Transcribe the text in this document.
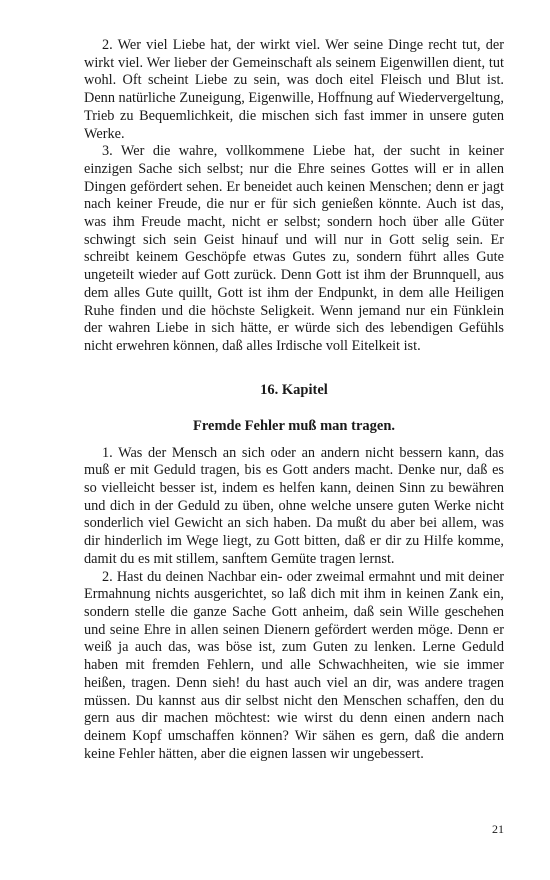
2. Wer viel Liebe hat, der wirkt viel. Wer seine Dinge recht tut, der wirkt viel. Wer lieber der Gemeinschaft als seinem Eigenwillen dient, tut wohl. Oft scheint Liebe zu sein, was doch eitel Fleisch und Blut ist. Denn natürliche Zuneigung, Eigenwille, Hoffnung auf Wiedervergeltung, Trieb zu Bequemlichkeit, die mischen sich fast immer in unsere guten Werke.

3. Wer die wahre, vollkommene Liebe hat, der sucht in keiner einzigen Sache sich selbst; nur die Ehre seines Gottes will er in allen Dingen gefördert sehen. Er beneidet auch keinen Menschen; denn er jagt nach keiner Freude, die nur er für sich genießen könnte. Auch ist das, was ihm Freude macht, nicht er selbst; sondern hoch über alle Güter schwingt sich sein Geist hinauf und will nur in Gott selig sein. Er schreibt keinem Geschöpfe etwas Gutes zu, sondern führt alles Gute ungeteilt wieder auf Gott zurück. Denn Gott ist ihm der Brunnquell, aus dem alles Gute quillt, Gott ist ihm der Endpunkt, in dem alle Heiligen Ruhe finden und die höchste Seligkeit. Wenn jemand nur ein Fünklein der wahren Liebe in sich hätte, er würde sich des lebendigen Gefühls nicht erwehren können, daß alles Irdische voll Eitelkeit ist.

16. Kapitel
Fremde Fehler muß man tragen.

1. Was der Mensch an sich oder an andern nicht bessern kann, das muß er mit Geduld tragen, bis es Gott anders macht. Denke nur, daß es so vielleicht besser ist, indem es helfen kann, deinen Sinn zu bewähren und dich in der Geduld zu üben, ohne welche unsere guten Werke nicht sonderlich viel Gewicht an sich haben. Da mußt du aber bei allem, was dir hinderlich im Wege liegt, zu Gott bitten, daß er dir zu Hilfe komme, damit du es mit stillem, sanftem Gemüte tragen lernst.

2. Hast du deinen Nachbar ein- oder zweimal ermahnt und mit deiner Ermahnung nichts ausgerichtet, so laß dich mit ihm in keinen Zank ein, sondern stelle die ganze Sache Gott anheim, daß sein Wille geschehen und seine Ehre in allen seinen Dienern gefördert werden möge. Denn er weiß ja auch das, was böse ist, zum Guten zu lenken. Lerne Geduld haben mit fremden Fehlern, und alle Schwachheiten, wie sie immer heißen, tragen. Denn sieh! du hast auch viel an dir, was andere tragen müssen. Du kannst aus dir selbst nicht den Menschen schaffen, den du gern aus dir machen möchtest: wie wirst du denn einen andern nach deinem Kopf umschaffen können? Wir sähen es gern, daß die andern keine Fehler hätten, aber die eignen lassen wir ungebessert.

21
